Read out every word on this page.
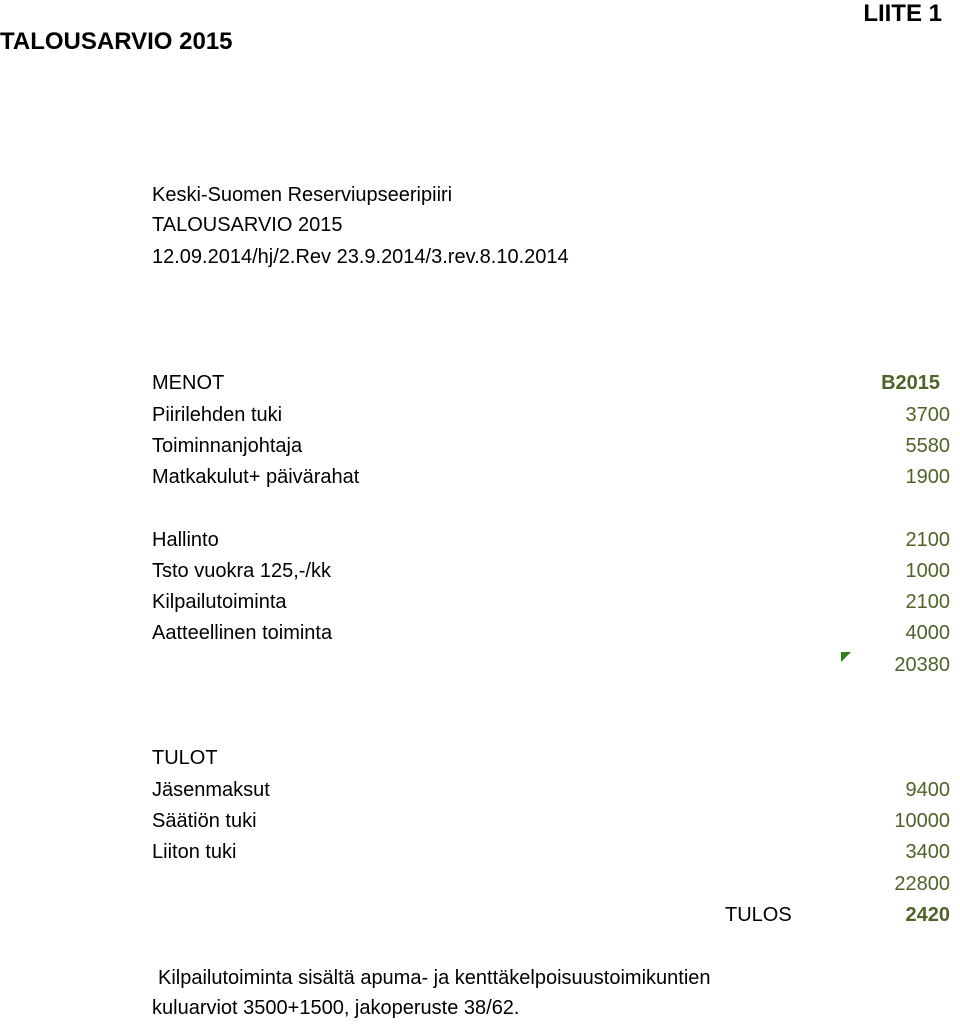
TALOUSARVIO 2015
LIITE 1
Keski-Suomen Reserviupseeripiiri
TALOUSARVIO 2015
12.09.2014/hj/2.Rev 23.9.2014/3.rev.8.10.2014
MENOT	B2015
Piirilehden tuki	3700
Toiminnanjohtaja	5580
Matkakulut+ päivärahat	1900
Hallinto	2100
Tsto vuokra 125,-/kk	1000
Kilpailutoiminta	2100
Aatteellinen toiminta	4000
20380
TULOT
Jäsenmaksut	9400
Säätiön tuki	10000
Liiton tuki	3400
22800
TULOS	2420
Kilpailutoiminta sisältä apuma- ja kenttäkelpoisuustoimikuntien
kuluarviot 3500+1500, jakoperuste 38/62.
